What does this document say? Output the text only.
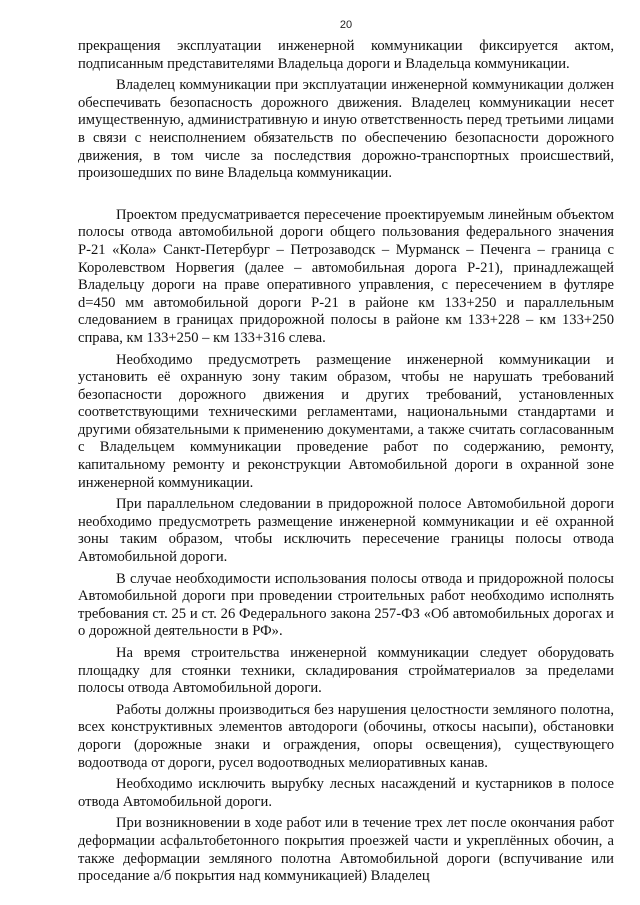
20

прекращения эксплуатации инженерной коммуникации фиксируется актом, подписанным представителями Владельца дороги и Владельца коммуникации.

Владелец коммуникации при эксплуатации инженерной коммуникации должен обеспечивать безопасность дорожного движения. Владелец коммуникации несет имущественную, административную и иную ответственность перед третьими лицами в связи с неисполнением обязательств по обеспечению безопасности дорожного движения, в том числе за последствия дорожно-транспортных происшествий, произошедших по вине Владельца коммуникации.

Проектом предусматривается пересечение проектируемым линейным объектом полосы отвода автомобильной дороги общего пользования федерального значения Р-21 «Кола» Санкт-Петербург – Петрозаводск – Мурманск – Печенга – граница с Королевством Норвегия (далее – автомобильная дорога Р-21), принадлежащей Владельцу дороги на праве оперативного управления, с пересечением в футляре d=450 мм автомобильной дороги Р-21 в районе км 133+250 и параллельным следованием в границах придорожной полосы в районе км 133+228 – км 133+250 справа, км 133+250 – км 133+316 слева.

Необходимо предусмотреть размещение инженерной коммуникации и установить её охранную зону таким образом, чтобы не нарушать требований безопасности дорожного движения и других требований, установленных соответствующими техническими регламентами, национальными стандартами и другими обязательными к применению документами, а также считать согласованным с Владельцем коммуникации проведение работ по содержанию, ремонту, капитальному ремонту и реконструкции Автомобильной дороги в охранной зоне инженерной коммуникации.

При параллельном следовании в придорожной полосе Автомобильной дороги необходимо предусмотреть размещение инженерной коммуникации и её охранной зоны таким образом, чтобы исключить пересечение границы полосы отвода Автомобильной дороги.

В случае необходимости использования полосы отвода и придорожной полосы Автомобильной дороги при проведении строительных работ необходимо исполнять требования ст. 25 и ст. 26 Федерального закона 257-ФЗ «Об автомобильных дорогах и о дорожной деятельности в РФ».

На время строительства инженерной коммуникации следует оборудовать площадку для стоянки техники, складирования стройматериалов за пределами полосы отвода Автомобильной дороги.

Работы должны производиться без нарушения целостности земляного полотна, всех конструктивных элементов автодороги (обочины, откосы насыпи), обстановки дороги (дорожные знаки и ограждения, опоры освещения), существующего водоотвода от дороги, русел водоотводных мелиоративных канав.

Необходимо исключить вырубку лесных насаждений и кустарников в полосе отвода Автомобильной дороги.

При возникновении в ходе работ или в течение трех лет после окончания работ деформации асфальтобетонного покрытия проезжей части и укреплённых обочин, а также деформации земляного полотна Автомобильной дороги (вспучивание или проседание а/б покрытия над коммуникацией) Владелец
